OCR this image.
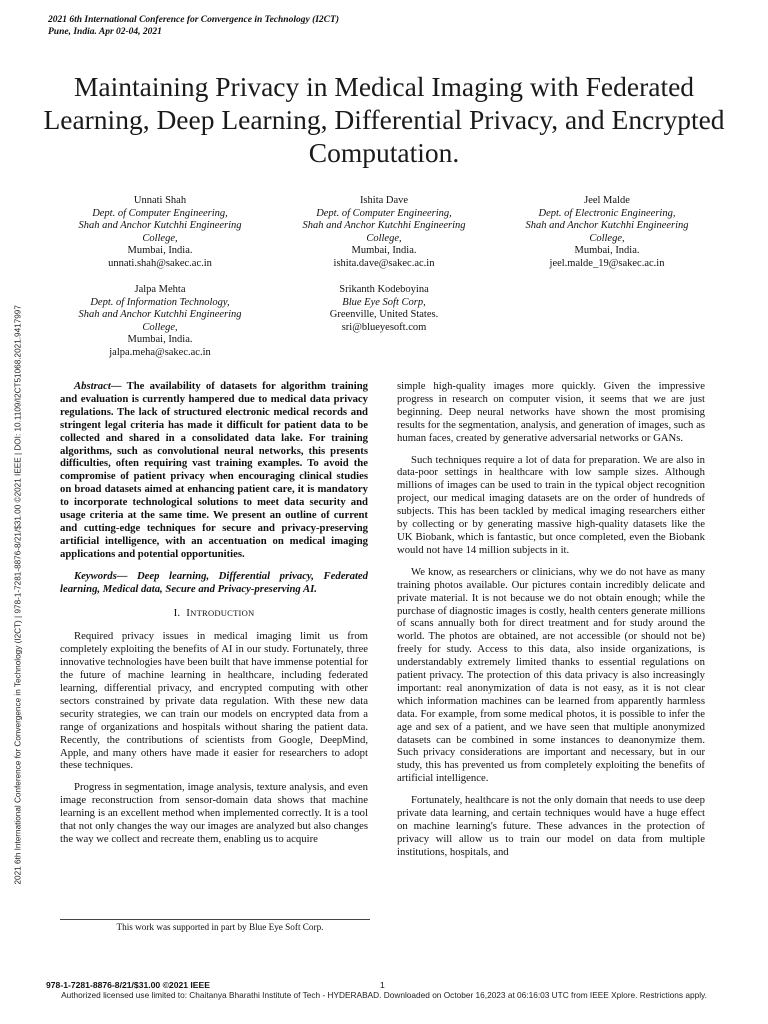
2021 6th International Conference for Convergence in Technology (I2CT)
Pune, India. Apr 02-04, 2021
Maintaining Privacy in Medical Imaging with Federated Learning, Deep Learning, Differential Privacy, and Encrypted Computation.
Unnati Shah
Dept. of Computer Engineering,
Shah and Anchor Kutchhi Engineering
College,
Mumbai, India.
unnati.shah@sakec.ac.in
Ishita Dave
Dept. of Computer Engineering,
Shah and Anchor Kutchhi Engineering
College,
Mumbai, India.
ishita.dave@sakec.ac.in
Jeel Malde
Dept. of Electronic Engineering,
Shah and Anchor Kutchhi Engineering
College,
Mumbai, India.
jeel.malde_19@sakec.ac.in
Jalpa Mehta
Dept. of Information Technology,
Shah and Anchor Kutchhi Engineering
College,
Mumbai, India.
jalpa.meha@sakec.ac.in
Srikanth Kodeboyina
Blue Eye Soft Corp,
Greenville, United States.
sri@blueyesoft.com
2021 6th International Conference for Convergence in Technology (I2CT) | 978-1-7281-8876-8/21/$31.00 ©2021 IEEE | DOI: 10.1109/I2CT51068.2021.9417997	Abstract— The availability of datasets for algorithm training and evaluation is currently hampered due to medical data privacy regulations. The lack of structured electronic medical records and stringent legal criteria has made it difficult for patient data to be collected and shared in a consolidated data lake. For training algorithms, such as convolutional neural networks, this presents difficulties, often requiring vast training examples. To avoid the compromise of patient privacy when encouraging clinical studies on broad datasets aimed at enhancing patient care, it is mandatory to incorporate technological solutions to meet data security and usage criteria at the same time. We present an outline of current and cutting-edge techniques for secure and privacy-preserving artificial intelligence, with an accentuation on medical imaging applications and potential opportunities.

Keywords— Deep learning, Differential privacy, Federated learning, Medical data, Secure and Privacy-preserving AI.

I. INTRODUCTION

Required privacy issues in medical imaging limit us from completely exploiting the benefits of AI in our study. Fortunately, three innovative technologies have been built that have immense potential for the future of machine learning in healthcare, including federated learning, differential privacy, and encrypted computing with other sectors constrained by private data regulation. With these new data security strategies, we can train our models on encrypted data from a range of organizations and hospitals without sharing the patient data. Recently, the contributions of scientists from Google, DeepMind, Apple, and many others have made it easier for researchers to adopt these techniques.

Progress in segmentation, image analysis, texture analysis, and even image reconstruction from sensor-domain data shows that machine learning is an excellent method when implemented correctly. It is a tool that not only changes the way our images are analyzed but also changes the way we collect and recreate them, enabling us to acquire

simple high-quality images more quickly. Given the impressive progress in research on computer vision, it seems that we are just beginning. Deep neural networks have shown the most promising results for the segmentation, analysis, and generation of images, such as human faces, created by generative adversarial networks or GANs.

Such techniques require a lot of data for preparation. We are also in data-poor settings in healthcare with low sample sizes. Although millions of images can be used to train in the typical object recognition project, our medical imaging datasets are on the order of hundreds of subjects. This has been tackled by medical imaging researchers either by collecting or by generating massive high-quality datasets like the UK Biobank, which is fantastic, but once completed, even the Biobank would not have 14 million subjects in it.

We know, as researchers or clinicians, why we do not have as many training photos available. Our pictures contain incredibly delicate and private material. It is not because we do not obtain enough; while the purchase of diagnostic images is costly, health centers generate millions of scans annually both for direct treatment and for study around the world. The photos are obtained, are not accessible (or should not be) freely for study. Access to this data, also inside organizations, is understandably extremely limited thanks to essential regulations on patient privacy. The protection of this data privacy is also increasingly important: real anonymization of data is not easy, as it is not clear which information machines can be learned from apparently harmless data. For example, from some medical photos, it is possible to infer the age and sex of a patient, and we have seen that multiple anonymized datasets can be combined in some instances to deanonymize them. Such privacy considerations are important and necessary, but in our study, this has prevented us from completely exploiting the benefits of artificial intelligence.

Fortunately, healthcare is not the only domain that needs to use deep private data learning, and certain techniques would have a huge effect on machine learning's future. These advances in the protection of privacy will allow us to train our model on data from multiple institutions, hospitals, and

This work was supported in part by Blue Eye Soft Corp.
978-1-7281-8876-8/21/$31.00 ©2021 IEEE	1
Authorized licensed use limited to: Chaitanya Bharathi Institute of Tech - HYDERABAD. Downloaded on October 16,2023 at 06:16:03 UTC from IEEE Xplore. Restrictions apply.
